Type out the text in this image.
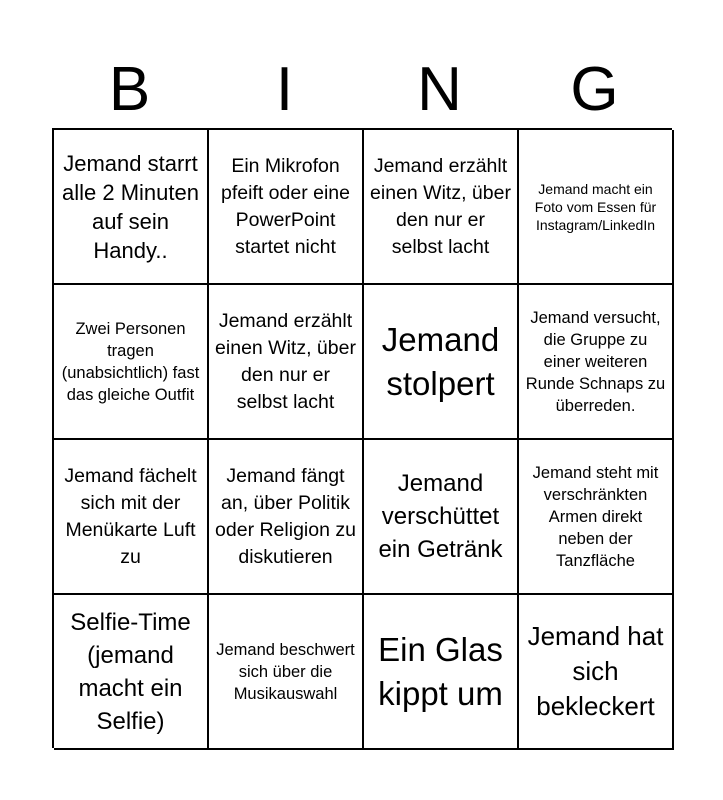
B	I	N	G
Jemand starrt alle 2 Minuten auf sein Handy..
Ein Mikrofon pfeift oder eine PowerPoint startet nicht
Jemand erzählt einen Witz, über den nur er selbst lacht
Jemand macht ein Foto vom Essen für Instagram/LinkedIn
Zwei Personen tragen (unabsichtlich) fast das gleiche Outfit
Jemand erzählt einen Witz, über den nur er selbst lacht
Jemand stolpert
Jemand versucht, die Gruppe zu einer weiteren Runde Schnaps zu überreden.
Jemand fächelt sich mit der Menükarte Luft zu
Jemand fängt an, über Politik oder Religion zu diskutieren
Jemand verschüttet ein Getränk
Jemand steht mit verschränkten Armen direkt neben der Tanzfläche
Selfie-Time (jemand macht ein Selfie)
Jemand beschwert sich über die Musikauswahl
Ein Glas kippt um
Jemand hat sich bekleckert
